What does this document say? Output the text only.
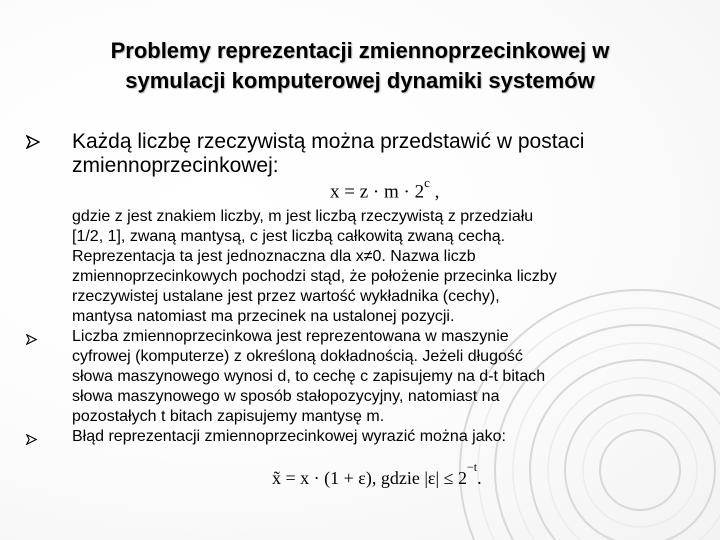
Problemy reprezentacji zmiennoprzecinkowej w
symulacji komputerowej dynamiki systemów
Każdą liczbę rzeczywistą można przedstawić w postaci
zmiennoprzecinkowej:
$x = z \cdot m \cdot 2^c$ ,
gdzie z jest znakiem liczby, m jest liczbą rzeczywistą z przedziału
[1/2, 1], zwaną mantysą, c jest liczbą całkowitą zwaną cechą.
Reprezentacja ta jest jednoznaczna dla x≠0. Nazwa liczb
zmiennoprzecinkowych pochodzi stąd, że położenie przecinka liczby
rzeczywistej ustalane jest przez wartość wykładnika (cechy),
mantysa natomiast ma przecinek na ustalonej pozycji.
Liczba zmiennoprzecinkowa jest reprezentowana w maszynie
cyfrowej (komputerze) z określoną dokładnością. Jeżeli długość
słowa maszynowego wynosi d, to cechę c zapisujemy na d-t bitach
słowa maszynowego w sposób stałopozycyjny, natomiast na
pozostałych t bitach zapisujemy mantysę m.
Błąd reprezentacji zmiennoprzecinkowej wyrazić można jako:
x̃ = x · (1 + ε), gdzie $|\varepsilon| \le 2^{-t}$.
